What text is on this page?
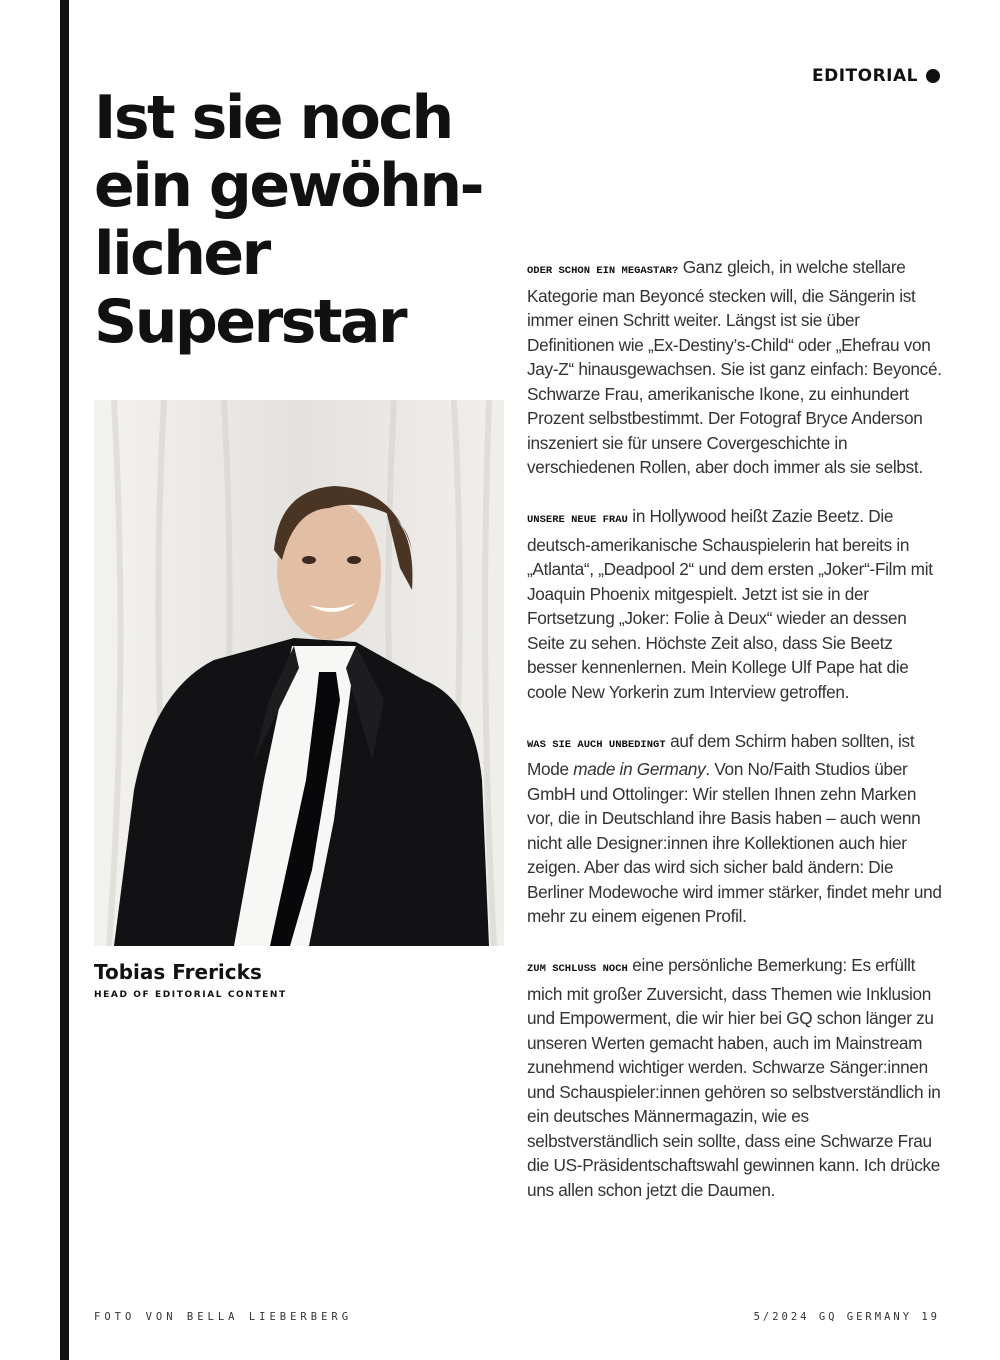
EDITORIAL
Ist sie noch
ein gewöhn-
licher
Superstar
Tobias Frericks
HEAD OF EDITORIAL CONTENT

ODER SCHON EIN MEGASTAR? Ganz gleich, in welche stellare Kategorie man Beyoncé stecken will, die Sängerin ist immer einen Schritt weiter. Längst ist sie über Definitionen wie „Ex-Destiny’s-Child“ oder „Ehefrau von Jay-Z“ hinausgewachsen. Sie ist ganz einfach: Beyoncé. Schwarze Frau, amerikanische Ikone, zu einhundert Prozent selbstbestimmt. Der Fotograf Bryce Anderson inszeniert sie für unsere Covergeschichte in verschiedenen Rollen, aber doch immer als sie selbst.

UNSERE NEUE FRAU in Hollywood heißt Zazie Beetz. Die deutsch-amerikanische Schauspielerin hat bereits in „Atlanta“, „Deadpool 2“ und dem ersten „Joker“-Film mit Joaquin Phoenix mitgespielt. Jetzt ist sie in der Fortsetzung „Joker: Folie à Deux“ wieder an dessen Seite zu sehen. Höchste Zeit also, dass Sie Beetz besser kennenlernen. Mein Kollege Ulf Pape hat die coole New Yorkerin zum Interview getroffen.

WAS SIE AUCH UNBEDINGT auf dem Schirm haben sollten, ist Mode made in Germany. Von No/Faith Studios über GmbH und Ottolinger: Wir stellen Ihnen zehn Marken vor, die in Deutschland ihre Basis haben – auch wenn nicht alle Designer:innen ihre Kollektionen auch hier zeigen. Aber das wird sich sicher bald ändern: Die Berliner Modewoche wird immer stärker, findet mehr und mehr zu einem eigenen Profil.

ZUM SCHLUSS NOCH eine persönliche Bemerkung: Es erfüllt mich mit großer Zuversicht, dass Themen wie Inklusion und Empowerment, die wir hier bei GQ schon länger zu unseren Werten gemacht haben, auch im Mainstream zunehmend wichtiger werden. Schwarze Sänger:innen und Schauspieler:innen gehören so selbstverständlich in ein deutsches Männermagazin, wie es selbstverständlich sein sollte, dass eine Schwarze Frau die US-Präsidentschaftswahl gewinnen kann. Ich drücke uns allen schon jetzt die Daumen.

FOTO VON BELLA LIEBERBERG	5/2024 GQ GERMANY 19
